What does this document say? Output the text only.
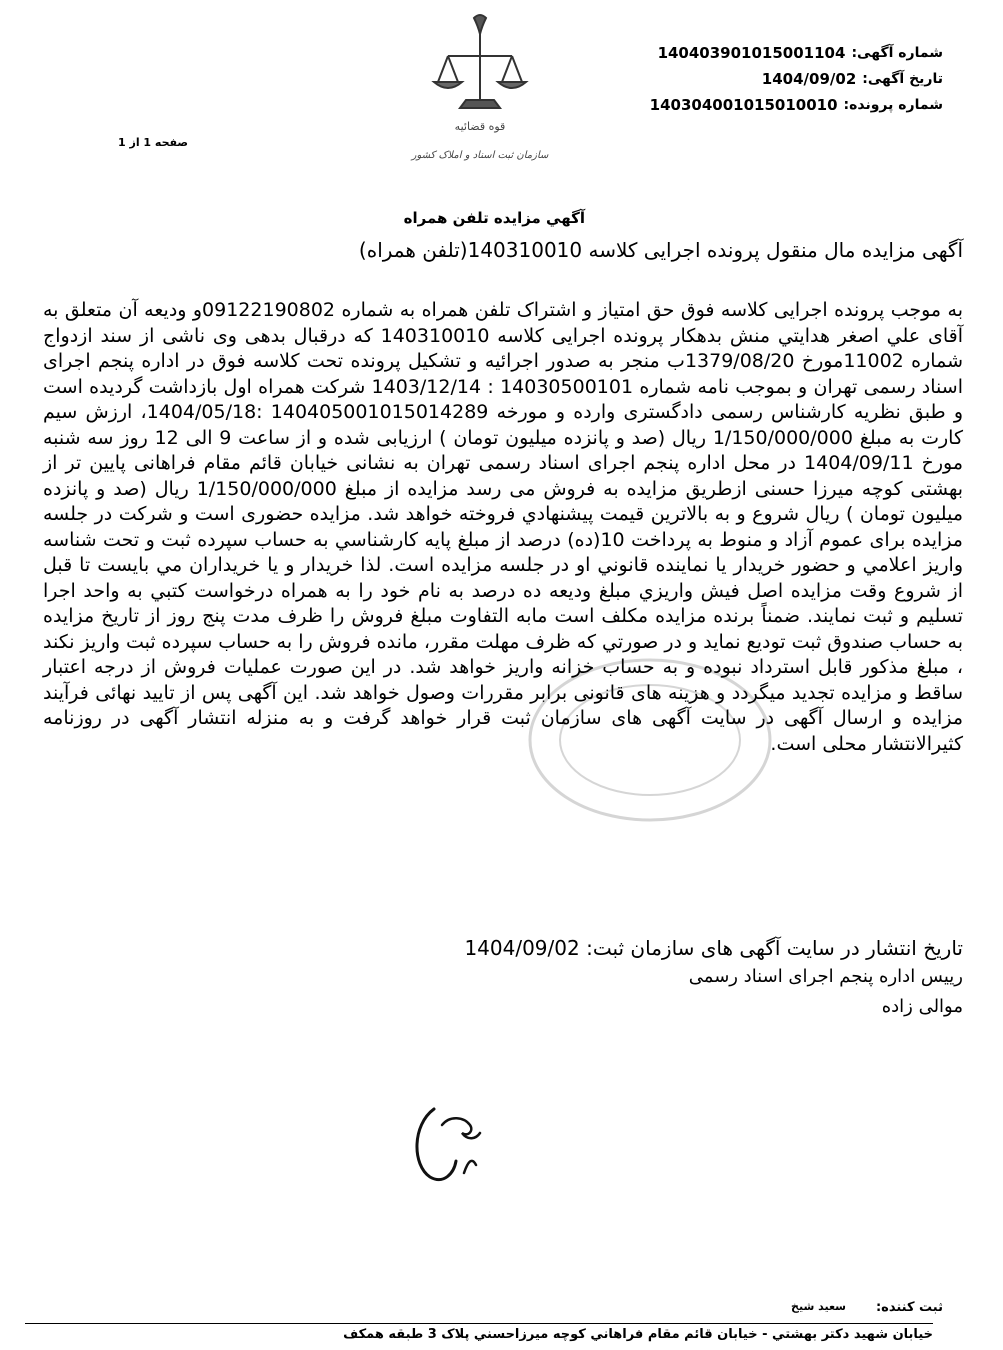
شماره آگهی:
140403901015001104
تاریخ آگهی:
1404/09/02
شماره پرونده:
140304001015010010
صفحه 1 از 1
قوه قضائیه
سازمان ثبت اسناد و املاک کشور
آگهي مزايده تلفن همراه
آگهی مزایده مال منقول پرونده اجرایی کلاسه 140310010(تلفن همراه)
به موجب پرونده اجرایی کلاسه فوق حق امتیاز و اشتراک تلفن همراه به شماره 09122190802و ودیعه آن متعلق به آقای علي اصغر هدايتي منش بدهکار پرونده اجرایی کلاسه 140310010 که درقبال بدهی وی ناشی از سند ازدواج شماره 11002مورخ 1379/08/20ب منجر به صدور اجرائیه و تشکیل پرونده تحت کلاسه فوق در اداره پنجم اجرای اسناد رسمی تهران و بموجب نامه شماره 14030500101 : 1403/12/14 شرکت همراه اول بازداشت گردیده است و طبق نظریه کارشناس رسمی دادگستری وارده و مورخه 140405001015014289 :1404/05/18، ارزش سیم کارت به مبلغ 1/150/000/000 ریال (صد و پانزده میلیون تومان ) ارزیابی شده و از ساعت 9 الی 12 روز سه شنبه مورخ 1404/09/11 در محل اداره پنجم اجرای اسناد رسمی تهران به نشانی خیابان قائم مقام فراهانی پایین تر از بهشتی کوچه میرزا حسنی ازطریق مزایده به فروش می رسد مزایده از مبلغ 1/150/000/000 ریال (صد و پانزده میلیون تومان ) ریال شروع و به بالاترین قیمت پیشنهادي فروخته خواهد شد. مزایده حضوری است و شرکت در جلسه مزایده برای عموم آزاد و منوط به پرداخت 10(ده) درصد از مبلغ پایه کارشناسي به حساب سپرده ثبت و تحت شناسه واریز اعلامي و حضور خریدار یا نماینده قانوني او در جلسه مزایده است. لذا خریدار و یا خریداران مي بایست تا قبل از شروع وقت مزایده اصل فیش واریزي مبلغ ودیعه ده درصد به نام خود را به همراه درخواست کتبي به واحد اجرا تسلیم و ثبت نمایند. ضمناً برنده مزایده مکلف است مابه التفاوت مبلغ فروش را ظرف مدت پنج روز از تاریخ مزایده به حساب صندوق ثبت تودیع نماید و در صورتي که ظرف مهلت مقرر، مانده فروش را به حساب سپرده ثبت واریز نکند ، مبلغ مذکور قابل استرداد نبوده و به حساب خزانه واریز خواهد شد. در این صورت عملیات فروش از درجه اعتبار ساقط و مزایده تجدید میگردد و هزینه های قانونی برابر مقررات وصول خواهد شد. این آگهی پس از تایید نهائی فرآیند مزایده و ارسال آگهی در سایت آگهی های سازمان ثبت قرار خواهد گرفت و به منزله انتشار آگهی در روزنامه کثیرالانتشار محلی است.
تاریخ انتشار در سایت آگهی های سازمان ثبت: 1404/09/02
رییس اداره پنجم اجرای اسناد رسمی
موالی زاده
ثبت کننده:
سعید شیخ
خیابان شهید دکتر بهشتي - خیابان قائم مقام فراهاني کوچه میرزاحسني پلاک 3 طبقه همکف
